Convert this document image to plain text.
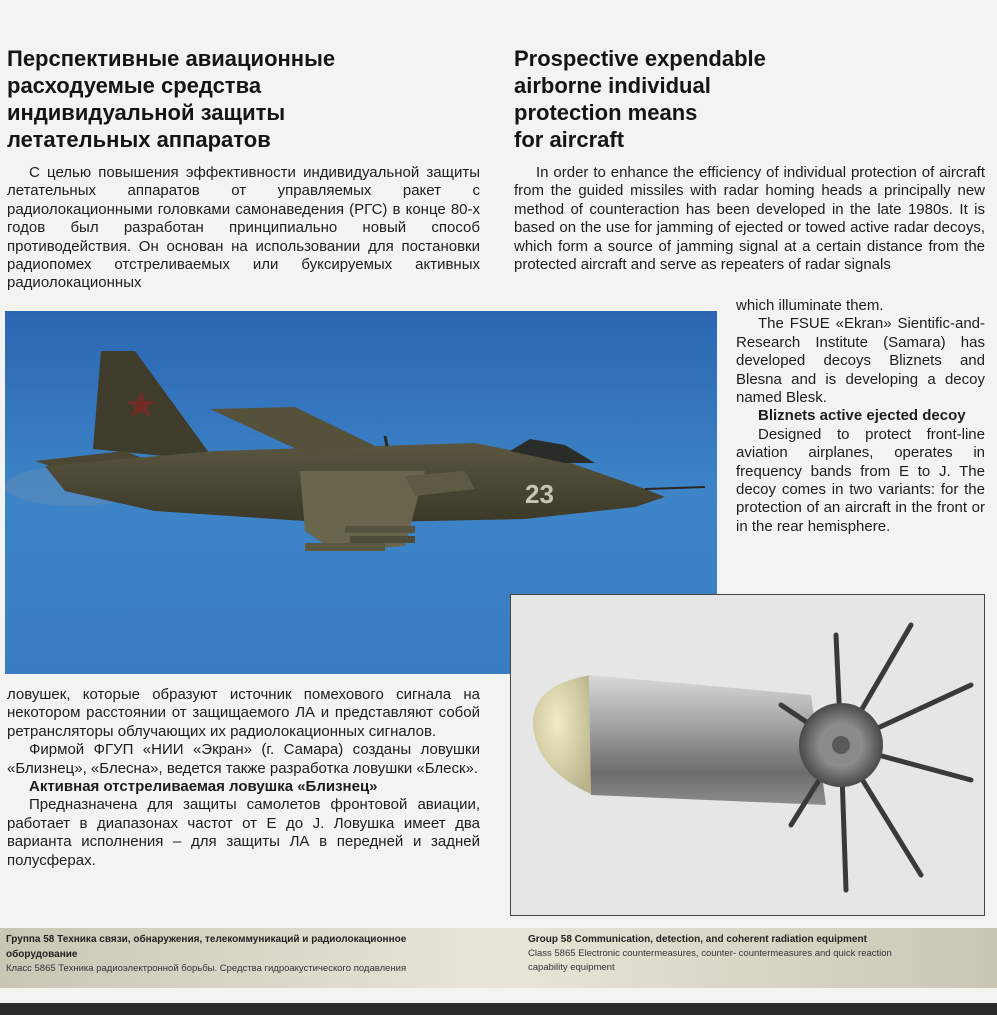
Перспективные авиационные
расходуемые средства
индивидуальной защиты
летательных аппаратов
Prospective expendable
airborne individual
protection means
for aircraft

С целью повышения эффективности индивидуальной защиты летательных аппаратов от управляемых ракет с радиолокационными головками самонаведения (РГС) в конце 80-х годов был разработан принципиально новый способ противодействия. Он основан на использовании для постановки радиопомех отстреливаемых или буксируемых активных радиолокационных

In order to enhance the efficiency of individual protection of aircraft from the guided missiles with radar homing heads a principally new method of counteraction has been developed in the late 1980s. It is based on the use for jamming of ejected or towed active radar decoys, which form a source of jamming signal at a certain distance from the protected aircraft and serve as repeaters of radar signals

which illuminate them.

The FSUE «Ekran» Sientific-and-Research Institute (Samara) has developed decoys Bliznets and Blesna and is developing a decoy named Blesk.

Bliznets active ejected decoy

Designed to protect front-line aviation airplanes, operates in frequency bands from E to J. The decoy comes in two variants: for the protection of an aircraft in the front or in the rear hemisphere.

23

ловушек, которые образуют источник помехового сигнала на некотором расстоянии от защищаемого ЛА и представляют собой ретрансляторы облучающих их радиолокационных сигналов.

Фирмой ФГУП «НИИ «Экран» (г. Самара) созданы ловушки «Близнец», «Блесна», ведется также разработка ловушки «Блеск».

Активная отстреливаемая ловушка «Близнец»

Предназначена для защиты самолетов фронтовой авиации, работает в диапазонах частот от E до J. Ловушка имеет два варианта исполнения – для защиты ЛА в передней и задней полусферах.

Группа 58 Техника связи, обнаружения, телекоммуникаций и радиолокационное
оборудование
Класс 5865 Техника радиоэлектронной борьбы. Средства гидроакустического подавления
Group 58 Communication, detection, and coherent radiation equipment
Class 5865 Electronic countermeasures, counter- countermeasures and quick reaction
capability equipment
